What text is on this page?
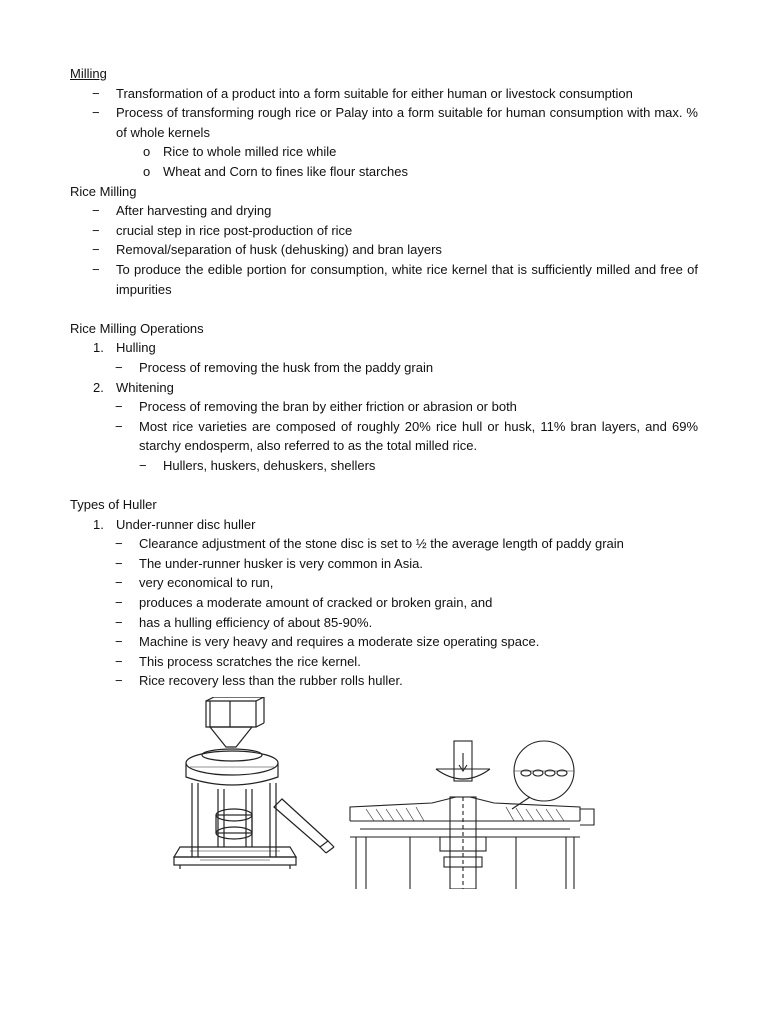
Milling
− Transformation of a product into a form suitable for either human or livestock consumption
− Process of transforming rough rice or Palay into a form suitable for human consumption with max. % of whole kernels
o Rice to whole milled rice while
o Wheat and Corn to fines like flour starches
Rice Milling
− After harvesting and drying
− crucial step in rice post-production of rice
− Removal/separation of husk (dehusking) and bran layers
− To produce the edible portion for consumption, white rice kernel that is sufficiently milled and free of impurities
Rice Milling Operations
1. Hulling
− Process of removing the husk from the paddy grain
2. Whitening
− Process of removing the bran by either friction or abrasion or both
− Most rice varieties are composed of roughly 20% rice hull or husk, 11% bran layers, and 69% starchy endosperm, also referred to as the total milled rice.
− Hullers, huskers, dehuskers, shellers
Types of Huller
1. Under-runner disc huller
− Clearance adjustment of the stone disc is set to ½ the average length of paddy grain
− The under-runner husker is very common in Asia.
− very economical to run,
− produces a moderate amount of cracked or broken grain, and
− has a hulling efficiency of about 85-90%.
− Machine is very heavy and requires a moderate size operating space.
− This process scratches the rice kernel.
− Rice recovery less than the rubber rolls huller.
